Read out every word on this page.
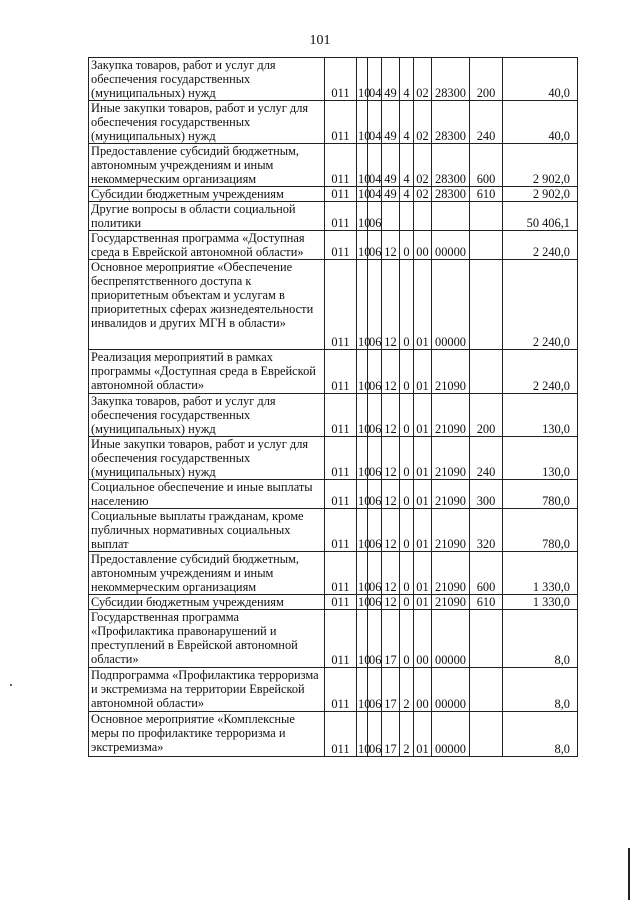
101
Закупка товаров, работ и услуг для обеспечения государственных (муниципальных) нужд	011	10	04	49	4	02	28300	200	40,0
Иные закупки товаров, работ и услуг для обеспечения государственных (муниципальных) нужд	011	10	04	49	4	02	28300	240	40,0
Предоставление субсидий бюджетным, автономным учреждениям и иным некоммерческим организациям	011	10	04	49	4	02	28300	600	2 902,0
Субсидии бюджетным учреждениям	011	10	04	49	4	02	28300	610	2 902,0
Другие вопросы в области социальной политики	011	10	06						50 406,1
Государственная программа «Доступная среда в Еврейской автономной области»	011	10	06	12	0	00	00000		2 240,0
Основное мероприятие «Обеспечение беспрепятственного доступа к приоритетным объектам и услугам в приоритетных сферах жизнедеятельности инвалидов и других МГН в области»	011	10	06	12	0	01	00000		2 240,0
Реализация мероприятий в рамках программы «Доступная среда в Еврейской автономной области»	011	10	06	12	0	01	21090		2 240,0
Закупка товаров, работ и услуг для обеспечения государственных (муниципальных) нужд	011	10	06	12	0	01	21090	200	130,0
Иные закупки товаров, работ и услуг для обеспечения государственных (муниципальных) нужд	011	10	06	12	0	01	21090	240	130,0
Социальное обеспечение и иные выплаты населению	011	10	06	12	0	01	21090	300	780,0
Социальные выплаты гражданам, кроме публичных нормативных социальных выплат	011	10	06	12	0	01	21090	320	780,0
Предоставление субсидий бюджетным, автономным учреждениям и иным некоммерческим организациям	011	10	06	12	0	01	21090	600	1 330,0
Субсидии бюджетным учреждениям	011	10	06	12	0	01	21090	610	1 330,0
Государственная программа «Профилактика правонарушений и преступлений в Еврейской автономной области»	011	10	06	17	0	00	00000		8,0
Подпрограмма «Профилактика терроризма и экстремизма на территории Еврейской автономной области»	011	10	06	17	2	00	00000		8,0
Основное мероприятие «Комплексные меры по профилактике терроризма и экстремизма»	011	10	06	17	2	01	00000		8,0
